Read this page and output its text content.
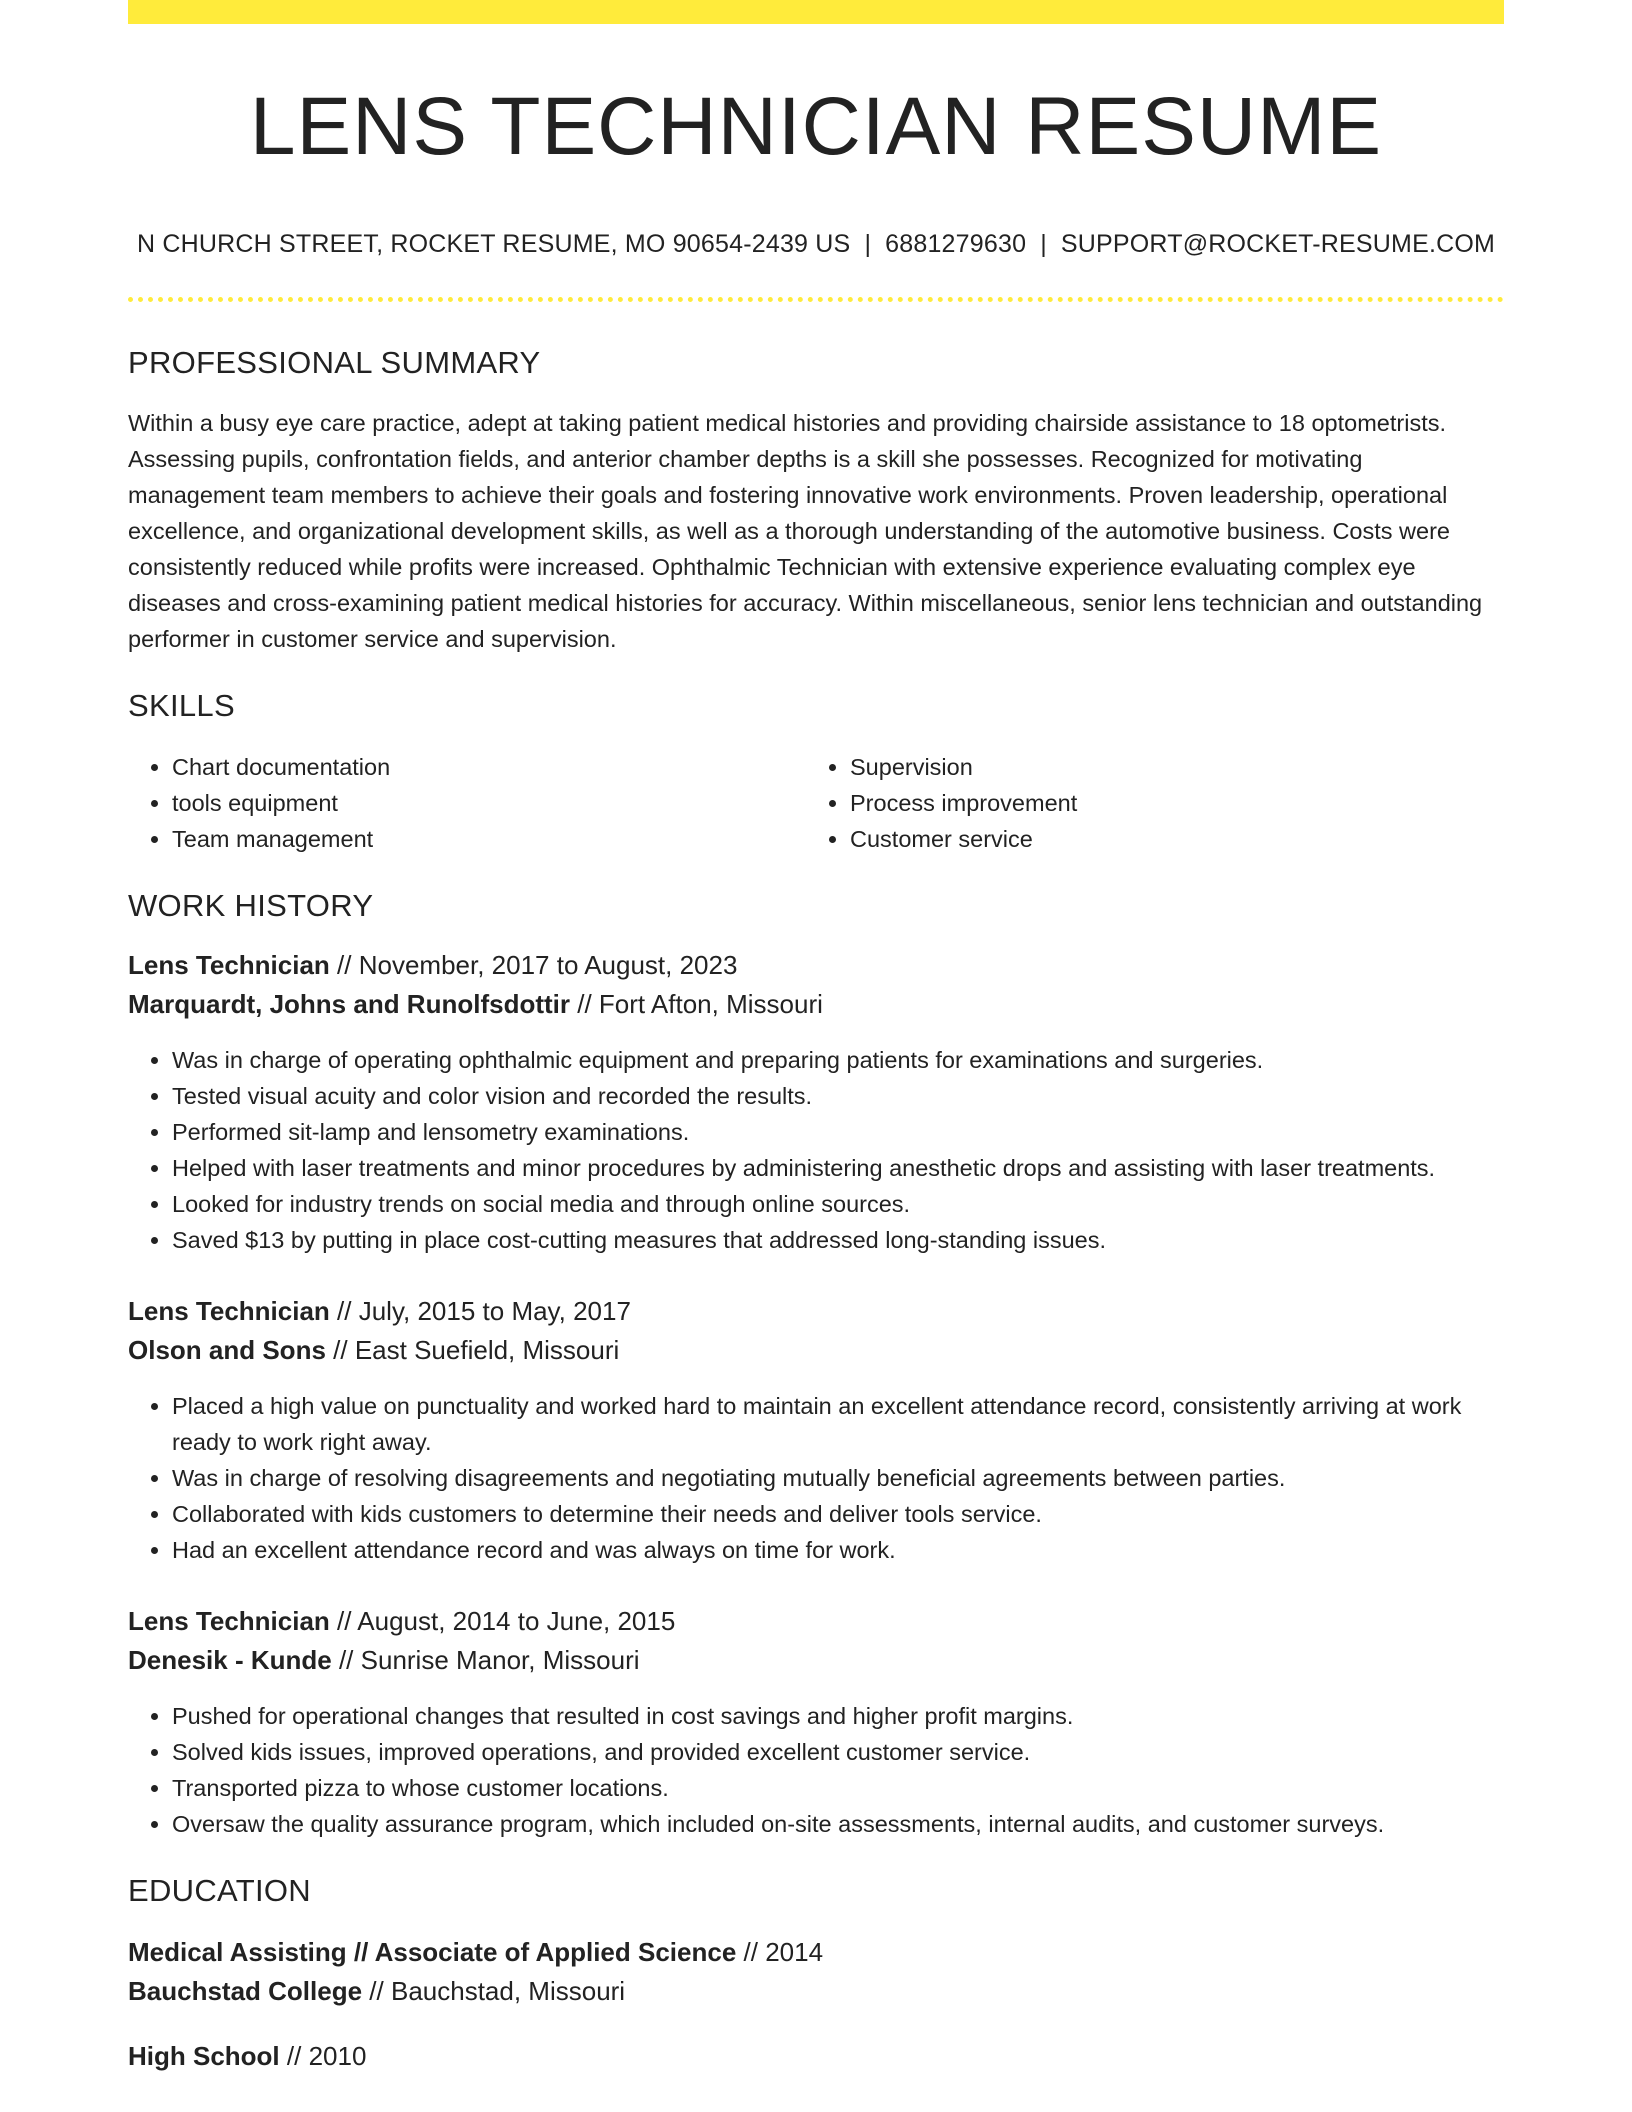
LENS TECHNICIAN RESUME
N CHURCH STREET, ROCKET RESUME, MO 90654-2439 US | 6881279630 | SUPPORT@ROCKET-RESUME.COM
PROFESSIONAL SUMMARY
Within a busy eye care practice, adept at taking patient medical histories and providing chairside assistance to 18 optometrists. Assessing pupils, confrontation fields, and anterior chamber depths is a skill she possesses. Recognized for motivating management team members to achieve their goals and fostering innovative work environments. Proven leadership, operational excellence, and organizational development skills, as well as a thorough understanding of the automotive business. Costs were consistently reduced while profits were increased. Ophthalmic Technician with extensive experience evaluating complex eye diseases and cross-examining patient medical histories for accuracy. Within miscellaneous, senior lens technician and outstanding performer in customer service and supervision.
SKILLS
• Chart documentation
• tools equipment
• Team management
• Supervision
• Process improvement
• Customer service
WORK HISTORY
Lens Technician // November, 2017 to August, 2023
Marquardt, Johns and Runolfsdottir // Fort Afton, Missouri
• Was in charge of operating ophthalmic equipment and preparing patients for examinations and surgeries.
• Tested visual acuity and color vision and recorded the results.
• Performed sit-lamp and lensometry examinations.
• Helped with laser treatments and minor procedures by administering anesthetic drops and assisting with laser treatments.
• Looked for industry trends on social media and through online sources.
• Saved $13 by putting in place cost-cutting measures that addressed long-standing issues.
Lens Technician // July, 2015 to May, 2017
Olson and Sons // East Suefield, Missouri
• Placed a high value on punctuality and worked hard to maintain an excellent attendance record, consistently arriving at work ready to work right away.
• Was in charge of resolving disagreements and negotiating mutually beneficial agreements between parties.
• Collaborated with kids customers to determine their needs and deliver tools service.
• Had an excellent attendance record and was always on time for work.
Lens Technician // August, 2014 to June, 2015
Denesik - Kunde // Sunrise Manor, Missouri
• Pushed for operational changes that resulted in cost savings and higher profit margins.
• Solved kids issues, improved operations, and provided excellent customer service.
• Transported pizza to whose customer locations.
• Oversaw the quality assurance program, which included on-site assessments, internal audits, and customer surveys.
EDUCATION
Medical Assisting // Associate of Applied Science // 2014
Bauchstad College // Bauchstad, Missouri
High School // 2010
